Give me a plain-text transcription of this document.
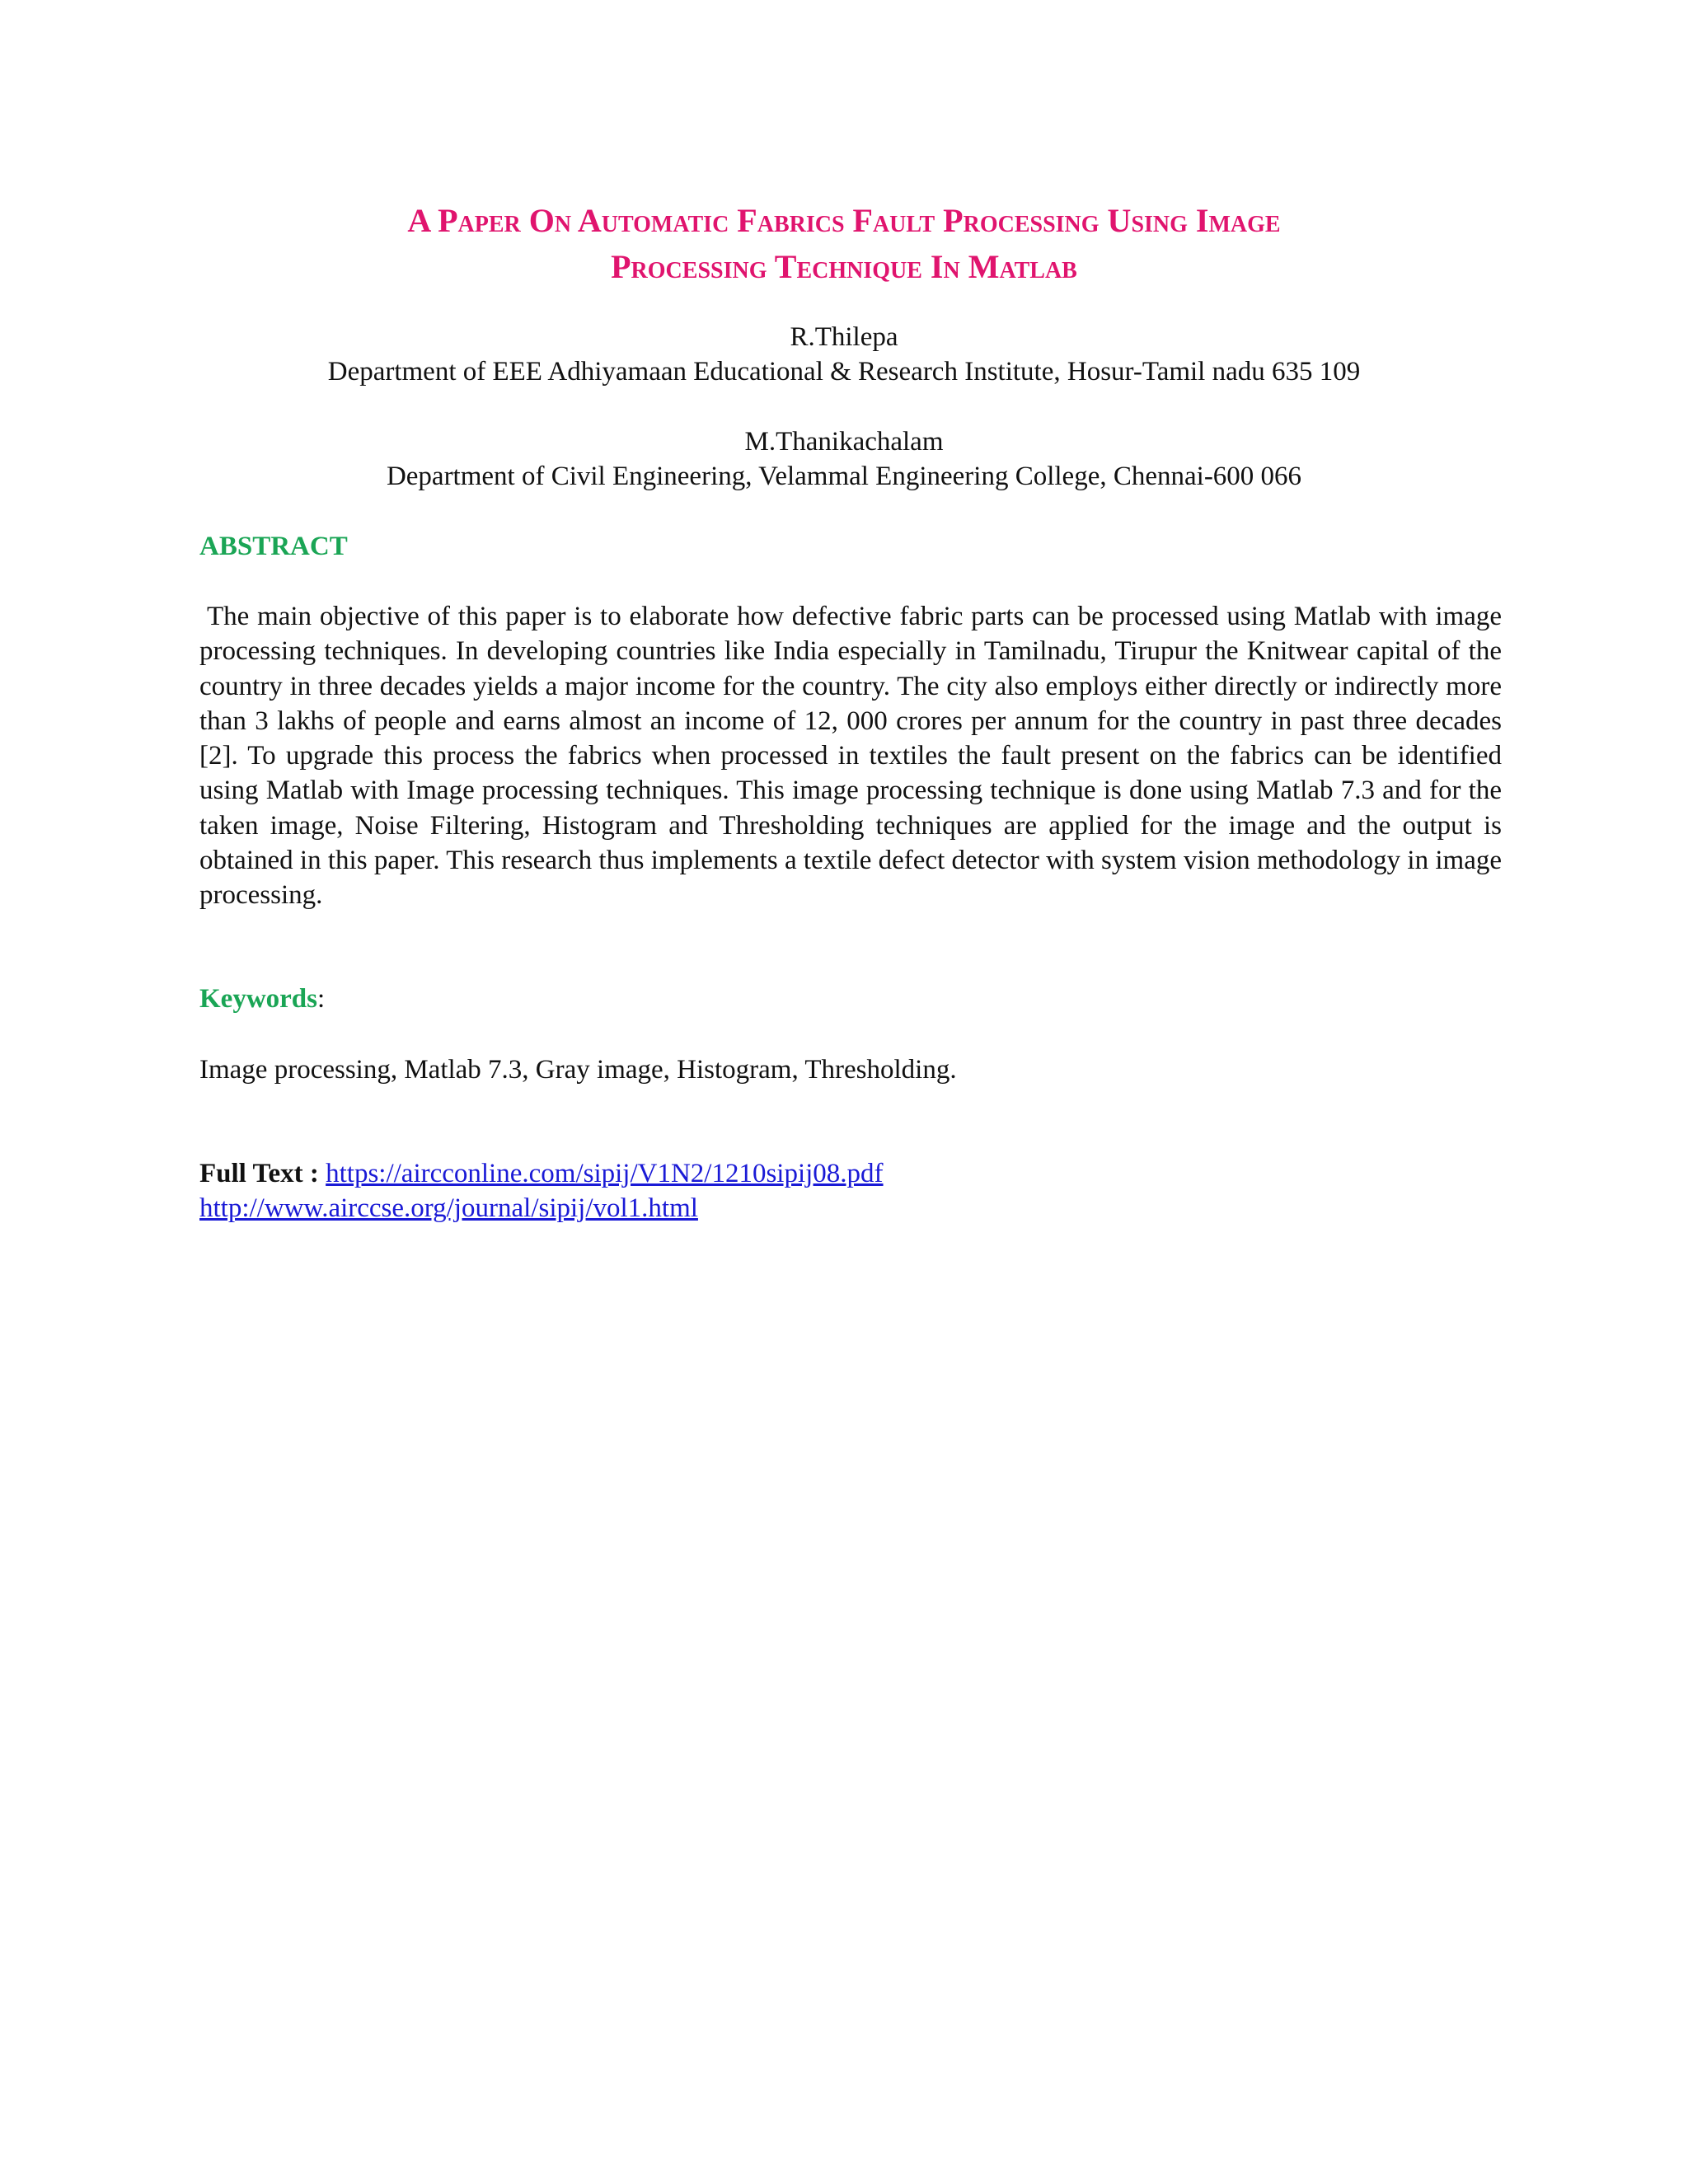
A Paper On Automatic Fabrics Fault Processing Using Image
Processing Technique In Matlab
R.Thilepa
Department of EEE Adhiyamaan Educational & Research Institute, Hosur-Tamil nadu 635 109
M.Thanikachalam
Department of Civil Engineering, Velammal Engineering College, Chennai-600 066
ABSTRACT

The main objective of this paper is to elaborate how defective fabric parts can be processed using Matlab with image processing techniques. In developing countries like India especially in Tamilnadu, Tirupur the Knitwear capital of the country in three decades yields a major income for the country. The city also employs either directly or indirectly more than 3 lakhs of people and earns almost an income of 12, 000 crores per annum for the country in past three decades [2]. To upgrade this process the fabrics when processed in textiles the fault present on the fabrics can be identified using Matlab with Image processing techniques. This image processing technique is done using Matlab 7.3 and for the taken image, Noise Filtering, Histogram and Thresholding techniques are applied for the image and the output is obtained in this paper. This research thus implements a textile defect detector with system vision methodology in image processing.

Keywords:

Image processing, Matlab 7.3, Gray image, Histogram, Thresholding.

Full Text : https://aircconline.com/sipij/V1N2/1210sipij08.pdf
http://www.airccse.org/journal/sipij/vol1.html
